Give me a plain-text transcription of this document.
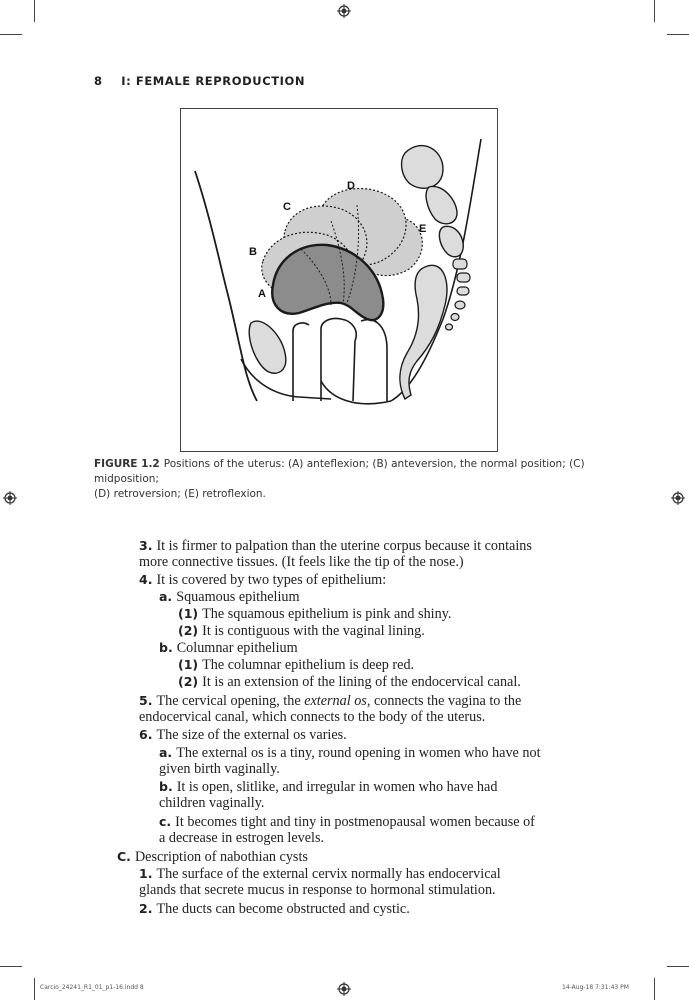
8 I: FEMALE REPRODUCTION
A
B
C
D
E
FIGURE 1.2 Positions of the uterus: (A) anteflexion; (B) anteversion, the normal position; (C) midposition;
(D) retroversion; (E) retroflexion.
3. It is firmer to palpation than the uterine corpus because it contains
more connective tissues. (It feels like the tip of the nose.)
4. It is covered by two types of epithelium:
a. Squamous epithelium
(1) The squamous epithelium is pink and shiny.
(2) It is contiguous with the vaginal lining.
b. Columnar epithelium
(1) The columnar epithelium is deep red.
(2) It is an extension of the lining of the endocervical canal.
5. The cervical opening, the external os, connects the vagina to the
endocervical canal, which connects to the body of the uterus.
6. The size of the external os varies.
a. The external os is a tiny, round opening in women who have not
given birth vaginally.
b. It is open, slitlike, and irregular in women who have had
children vaginally.
c. It becomes tight and tiny in postmenopausal women because of
a decrease in estrogen levels.
C. Description of nabothian cysts
1. The surface of the external cervix normally has endocervical
glands that secrete mucus in response to hormonal stimulation.
2. The ducts can become obstructed and cystic.
Carcio_24241_R1_01_p1-16.indd 8	14-Aug-18 7:31:43 PM
